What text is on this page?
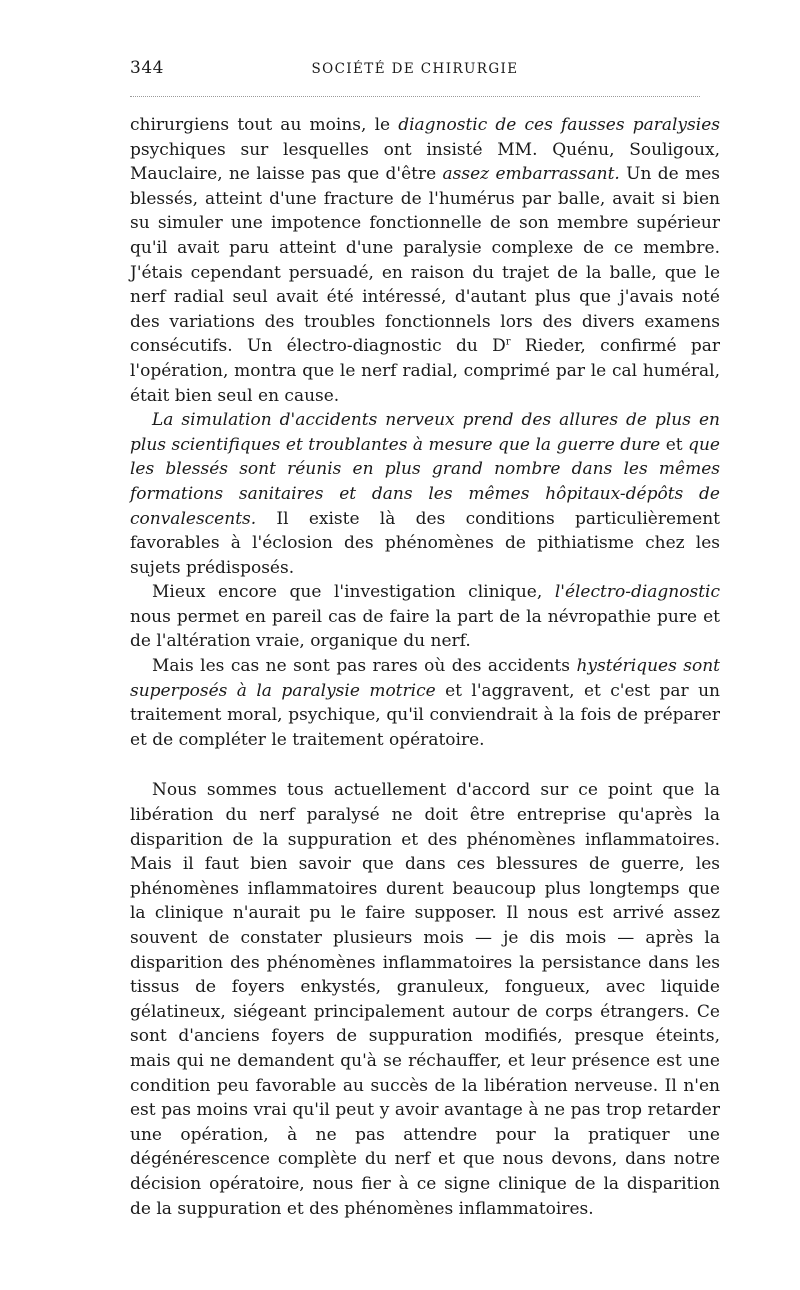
344	SOCIÉTÉ DE CHIRURGIE

chirurgiens tout au moins, le diagnostic de ces fausses paralysies psychiques sur lesquelles ont insisté MM. Quénu, Souligoux, Mauclaire, ne laisse pas que d'être assez embarrassant. Un de mes blessés, atteint d'une fracture de l'humérus par balle, avait si bien su simuler une impotence fonctionnelle de son membre supérieur qu'il avait paru atteint d'une paralysie complexe de ce membre. J'étais cependant persuadé, en raison du trajet de la balle, que le nerf radial seul avait été intéressé, d'autant plus que j'avais noté des variations des troubles fonctionnels lors des divers examens consécutifs. Un électro-diagnostic du $D^r$ Rieder, confirmé par l'opération, montra que le nerf radial, comprimé par le cal huméral, était bien seul en cause.

La simulation d'accidents nerveux prend des allures de plus en plus scientifiques et troublantes à mesure que la guerre dure et que les blessés sont réunis en plus grand nombre dans les mêmes formations sanitaires et dans les mêmes hôpitaux-dépôts de convalescents. Il existe là des conditions particulièrement favorables à l'éclosion des phénomènes de pithiatisme chez les sujets prédisposés.

Mieux encore que l'investigation clinique, l'électro-diagnostic nous permet en pareil cas de faire la part de la névropathie pure et de l'altération vraie, organique du nerf.

Mais les cas ne sont pas rares où des accidents hystériques sont superposés à la paralysie motrice et l'aggravent, et c'est par un traitement moral, psychique, qu'il conviendrait à la fois de préparer et de compléter le traitement opératoire.

Nous sommes tous actuellement d'accord sur ce point que la libération du nerf paralysé ne doit être entreprise qu'après la disparition de la suppuration et des phénomènes inflammatoires. Mais il faut bien savoir que dans ces blessures de guerre, les phénomènes inflammatoires durent beaucoup plus longtemps que la clinique n'aurait pu le faire supposer. Il nous est arrivé assez souvent de constater plusieurs mois — je dis mois — après la disparition des phénomènes inflammatoires la persistance dans les tissus de foyers enkystés, granuleux, fongueux, avec liquide gélatineux, siégeant principalement autour de corps étrangers. Ce sont d'anciens foyers de suppuration modifiés, presque éteints, mais qui ne demandent qu'à se réchauffer, et leur présence est une condition peu favorable au succès de la libération nerveuse. Il n'en est pas moins vrai qu'il peut y avoir avantage à ne pas trop retarder une opération, à ne pas attendre pour la pratiquer une dégénérescence complète du nerf et que nous devons, dans notre décision opératoire, nous fier à ce signe clinique de la disparition de la suppuration et des phénomènes inflammatoires.
